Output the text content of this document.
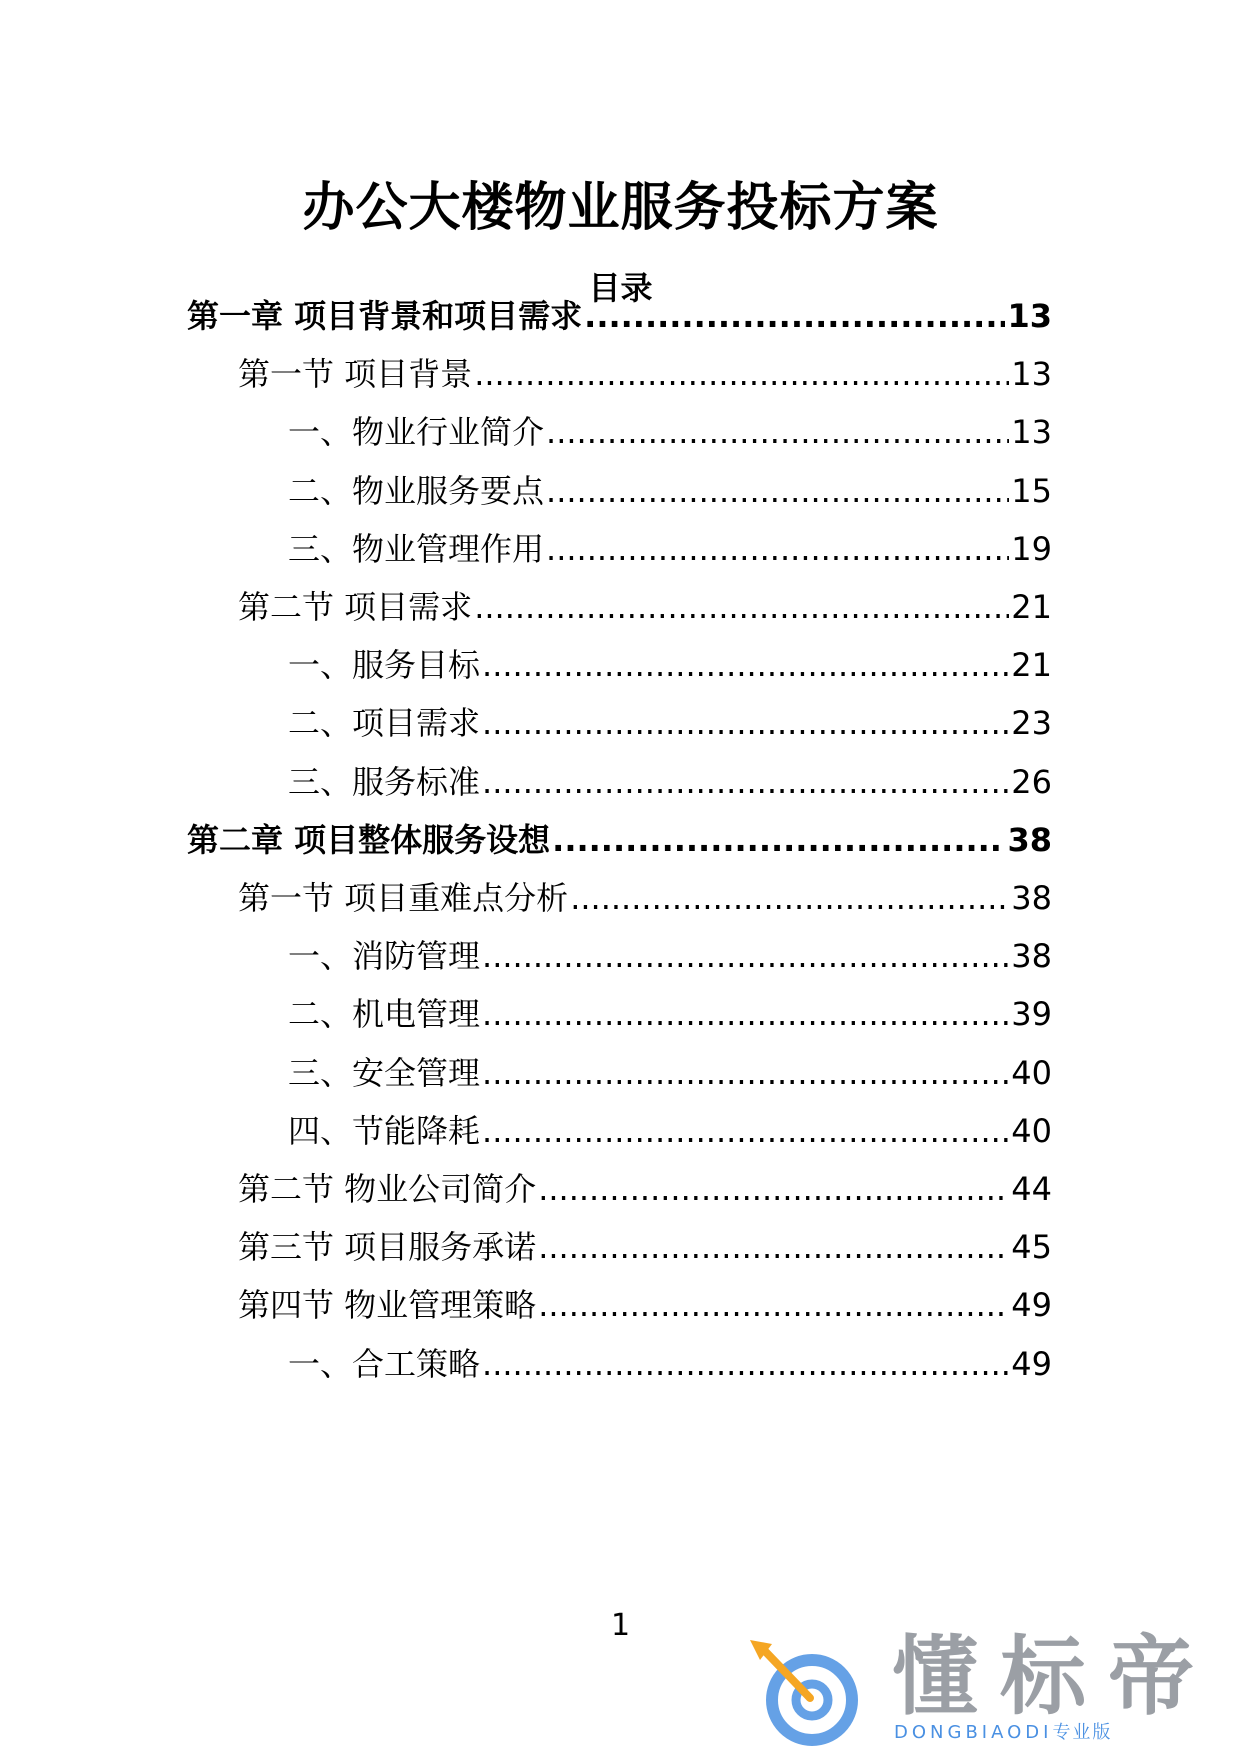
办公大楼物业服务投标方案
目录
第一章 项目背景和项目需求 .....	13
第一节 项目背景 .....	13
一、物业行业简介 .....	13
二、物业服务要点 .....	15
三、物业管理作用 .....	19
第二节 项目需求 .....	21
一、服务目标 .....	21
二、项目需求 .....	23
三、服务标准 .....	26
第二章 项目整体服务设想 .....	38
第一节 项目重难点分析 .....	38
一、消防管理 .....	38
二、机电管理 .....	39
三、安全管理 .....	40
四、节能降耗 .....	40
第二节 物业公司简介 .....	44
第三节 项目服务承诺 .....	45
第四节 物业管理策略 .....	49
一、合工策略 .....	49
1
懂标帝
DONGBIAODI专业版
